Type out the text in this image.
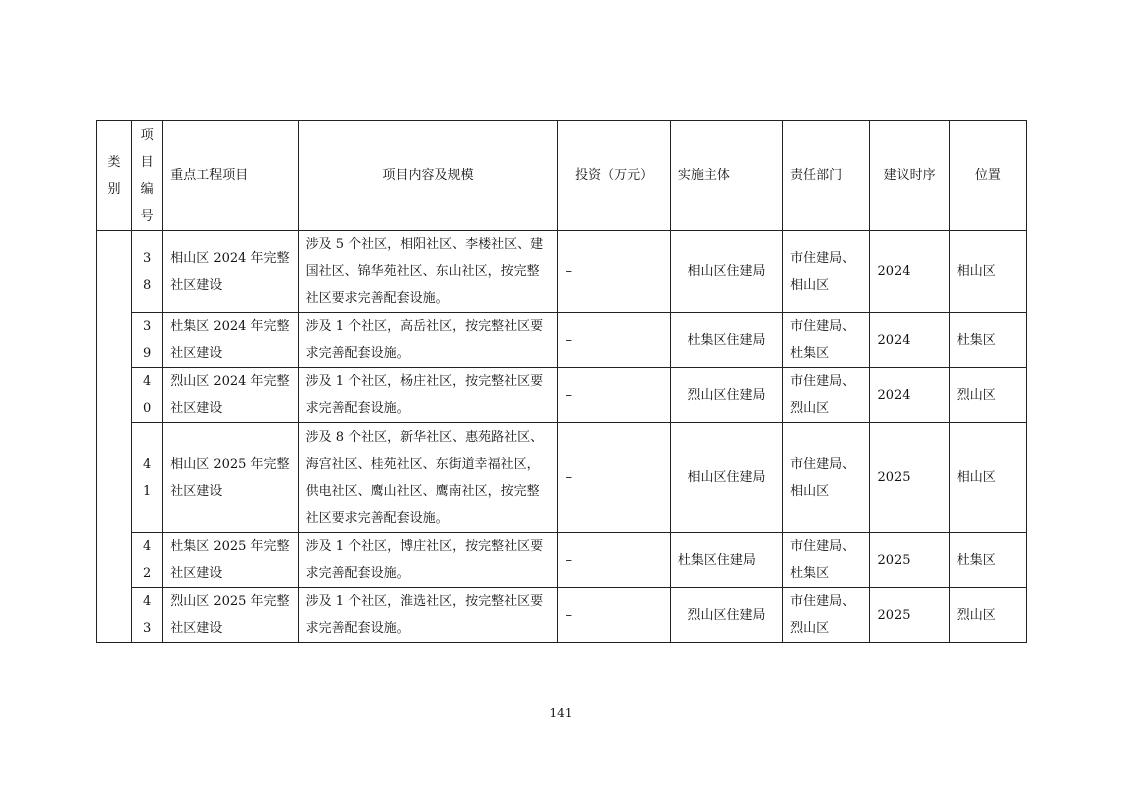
类别	项目编号	重点工程项目	项目内容及规模	投资（万元）	实施主体	责任部门	建议时序	位置
	38	相山区 2024 年完整社区建设	涉及 5 个社区，相阳社区、李楼社区、建国社区、锦华苑社区、东山社区，按完整社区要求完善配套设施。	–	相山区住建局	市住建局、相山区	2024	相山区
	39	杜集区 2024 年完整社区建设	涉及 1 个社区，高岳社区，按完整社区要求完善配套设施。	–	杜集区住建局	市住建局、杜集区	2024	杜集区
	40	烈山区 2024 年完整社区建设	涉及 1 个社区，杨庄社区，按完整社区要求完善配套设施。	–	烈山区住建局	市住建局、烈山区	2024	烈山区
	41	相山区 2025 年完整社区建设	涉及 8 个社区，新华社区、惠苑路社区、海宫社区、桂苑社区、东街道幸福社区，供电社区、鹰山社区、鹰南社区，按完整社区要求完善配套设施。	–	相山区住建局	市住建局、相山区	2025	相山区
	42	杜集区 2025 年完整社区建设	涉及 1 个社区，博庄社区，按完整社区要求完善配套设施。	–	杜集区住建局	市住建局、杜集区	2025	杜集区
	43	烈山区 2025 年完整社区建设	涉及 1 个社区，淮选社区，按完整社区要求完善配套设施。	–	烈山区住建局	市住建局、烈山区	2025	烈山区
141
